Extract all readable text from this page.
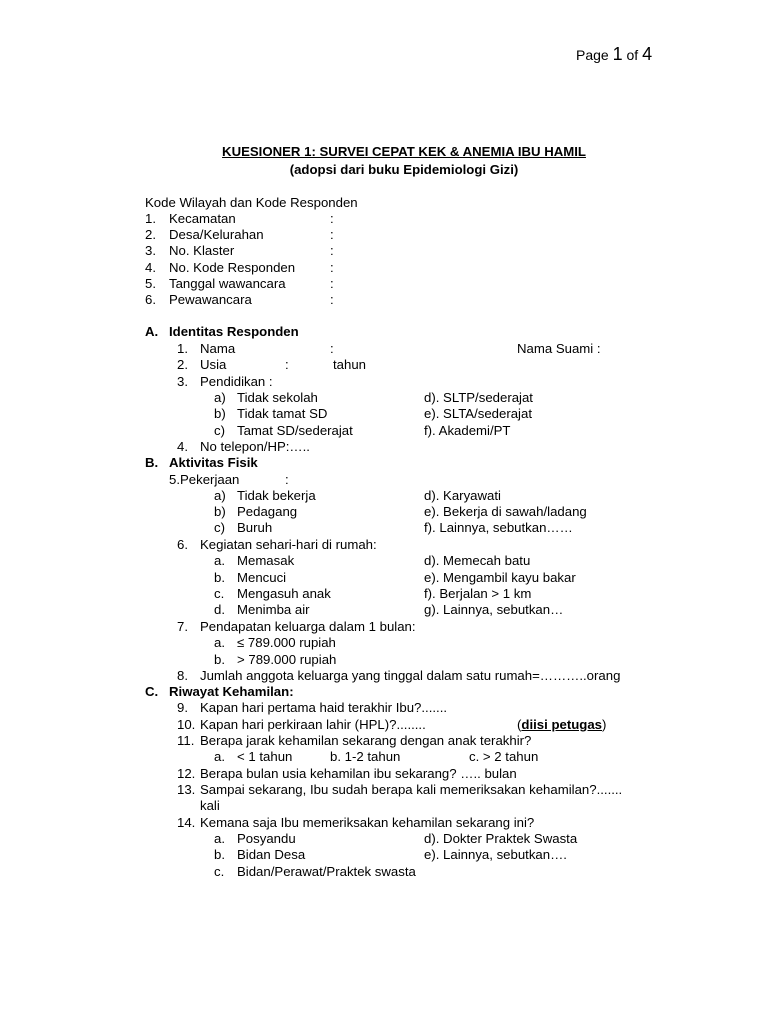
Page 1 of 4
KUESIONER 1: SURVEI CEPAT KEK & ANEMIA IBU HAMIL
(adopsi dari buku Epidemiologi Gizi)
Kode Wilayah dan Kode Responden
1. Kecamatan	:
2. Desa/Kelurahan	:
3. No. Klaster	:
4. No. Kode Responden	:
5. Tanggal wawancara	:
6. Pewawancara	:
A. Identitas Responden
1. Nama	:	Nama Suami :
2. Usia	:	tahun
3. Pendidikan :
a) Tidak sekolah	d). SLTP/sederajat
b) Tidak tamat SD	e). SLTA/sederajat
c) Tamat SD/sederajat	f). Akademi/PT
4. No telepon/HP:…..
B. Aktivitas Fisik
5.Pekerjaan	:
a) Tidak bekerja	d). Karyawati
b) Pedagang	e). Bekerja di sawah/ladang
c) Buruh	f). Lainnya, sebutkan……
6. Kegiatan sehari-hari di rumah:
a. Memasak	d). Memecah batu
b. Mencuci	e). Mengambil kayu bakar
c. Mengasuh anak	f). Berjalan > 1 km
d. Menimba air	g). Lainnya, sebutkan…
7. Pendapatan keluarga dalam 1 bulan:
a. ≤ 789.000 rupiah
b. > 789.000 rupiah
8. Jumlah anggota keluarga yang tinggal dalam satu rumah=………..orang
C. Riwayat Kehamilan:
9. Kapan hari pertama haid terakhir Ibu?.......
10. Kapan hari perkiraan lahir (HPL)?........	(diisi petugas)
11. Berapa jarak kehamilan sekarang dengan anak terakhir?
a. < 1 tahun	b. 1-2 tahun	c. > 2 tahun
12. Berapa bulan usia kehamilan ibu sekarang? ….. bulan
13. Sampai sekarang, Ibu sudah berapa kali memeriksakan kehamilan?.......
kali
14. Kemana saja Ibu memeriksakan kehamilan sekarang ini?
a. Posyandu	d). Dokter Praktek Swasta
b. Bidan Desa	e). Lainnya, sebutkan….
c. Bidan/Perawat/Praktek swasta
